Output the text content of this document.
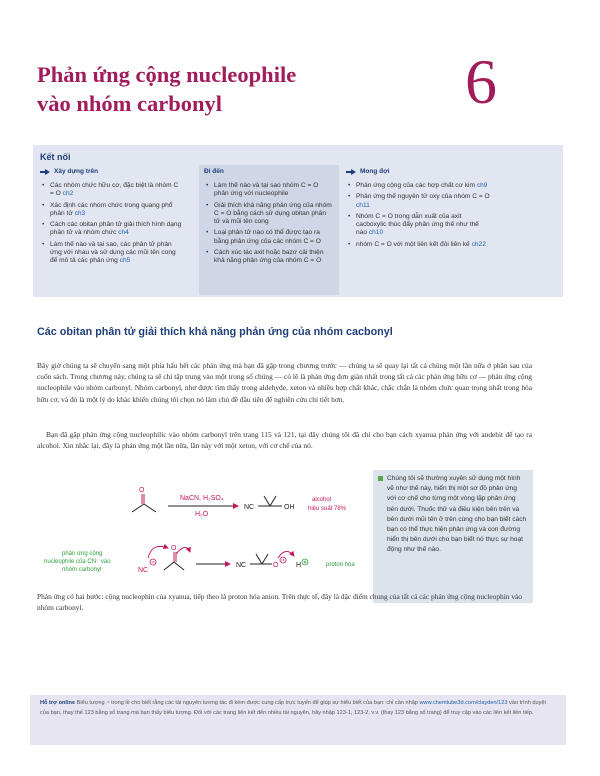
Phản ứng cộng nucleophile
vào nhóm carbonyl	6
Kết nối
Xây dựng trên	Đi đến	Mong đợi
• Các nhóm chức hữu cơ, đặc biệt là nhóm C = O ch2
• Xác định các nhóm chức trong quang phổ phân tử ch3
• Cách các obitan phân tử giải thích hình dạng phân tử và nhóm chức ch4
• Làm thế nào và tại sao, các phân tử phản ứng với nhau và sử dụng các mũi tên cong để mô tả các phản ứng ch5
• Làm thế nào và tại sao nhóm C = O phản ứng với nucleophile
• Giải thích khả năng phản ứng của nhóm C = O bằng cách sử dụng obitan phân tử và mũi tên cong
• Loại phân tử nào có thể được tạo ra bằng phản ứng của các nhóm C = O
• Cách xúc tác axit hoặc bazơ cải thiện khả năng phản ứng của nhóm C = O
• Phản ứng cộng của các hợp chất cơ kim ch9
• Phản ứng thế nguyên tử oxy của nhóm C = O ch11
• Nhóm C = O trong dẫn xuất của axit cacboxylic thúc đẩy phản ứng thế như thế nào ch10
• nhóm C = O với một liên kết đôi liên kế ch22
Các obitan phân tử giải thích khả năng phản ứng của nhóm cacbonyl

Bây giờ chúng ta sẽ chuyển sang một phía hấu hết các phản ứng mà bạn đã gặp trong chương trước — chúng ta sẽ quay lại tất cả chúng một lần nữa ở phần sau của cuốn sách. Trong chương này, chúng ta sẽ chỉ tập trung vào một trong số chúng — có lẽ là phản ứng đơn giản nhất trong tất cả các phản ứng hữu cơ — phản ứng cộng nucleophile vào nhóm carbonyl. Nhóm carbonyl, như được tìm thấy trong aldehyde, xeton và nhiều hợp chất khác, chắc chắn là nhóm chức quan trọng nhất trong hóa hữu cơ, và đó là một lý do khác khiến chúng tôi chọn nó làm chủ đề đầu tiên để nghiên cứu chi tiết hơn.

Bạn đã gặp phản ứng cộng nucleophilic vào nhóm carbonyl trên trang 115 và 121, tại đây chúng tôi đã chỉ cho bạn cách xyanua phản ứng với andehit để tạo ra alcohol. Xin nhắc lại, đây là phản ứng một lần nữa, lần này với một xeton, với cơ chế của nó.

O
NaCN, H₂SO₄
H₂O
NC	OH
alcohol
hiệu suất 78%
phản ứng cộng
nucleophile của CN⁻ vào
nhóm carbonyl	NC
O
NC	O	H	proton hóa
Chúng tôi sẽ thường xuyên sử dụng một hình vẽ như thế này, hiển thị một sơ đồ phản ứng với cơ chế cho từng một vòng lặp phản ứng bên dưới. Thuốc thử và điều kiện bên trên và bên dưới mũi tên ở trên cùng cho bạn biết cách bạn có thể thực hiện phản ứng và con đường hiển thị bên dưới cho bạn biết nó thực sự hoạt động như thế nào.

Phản ứng có hai bước: cộng nucleophin của xyanua, tiếp theo là proton hóa anion. Trên thực tế, đây là đặc điểm chung của tất cả các phản ứng cộng nucleophin vào nhóm carbonyl.

Hỗ trợ online Biểu tượng ◔ trong lề cho biết rằng các tài nguyên tương tác đi kèm được cung cấp trực tuyến để giúp sự hiểu biết của bạn: chỉ cần nhập www.chemtube3d.com/clayden/123 vào trình duyệt của bạn, thay thế 123 bằng số trang mà bạn thấy biểu tượng. Đối với các trang liên kết đến nhiều tài nguyên, hãy nhập 123-1, 123-2, v.v. (thay 123 bằng số trang) để truy cập vào các liên kết liên tiếp.
